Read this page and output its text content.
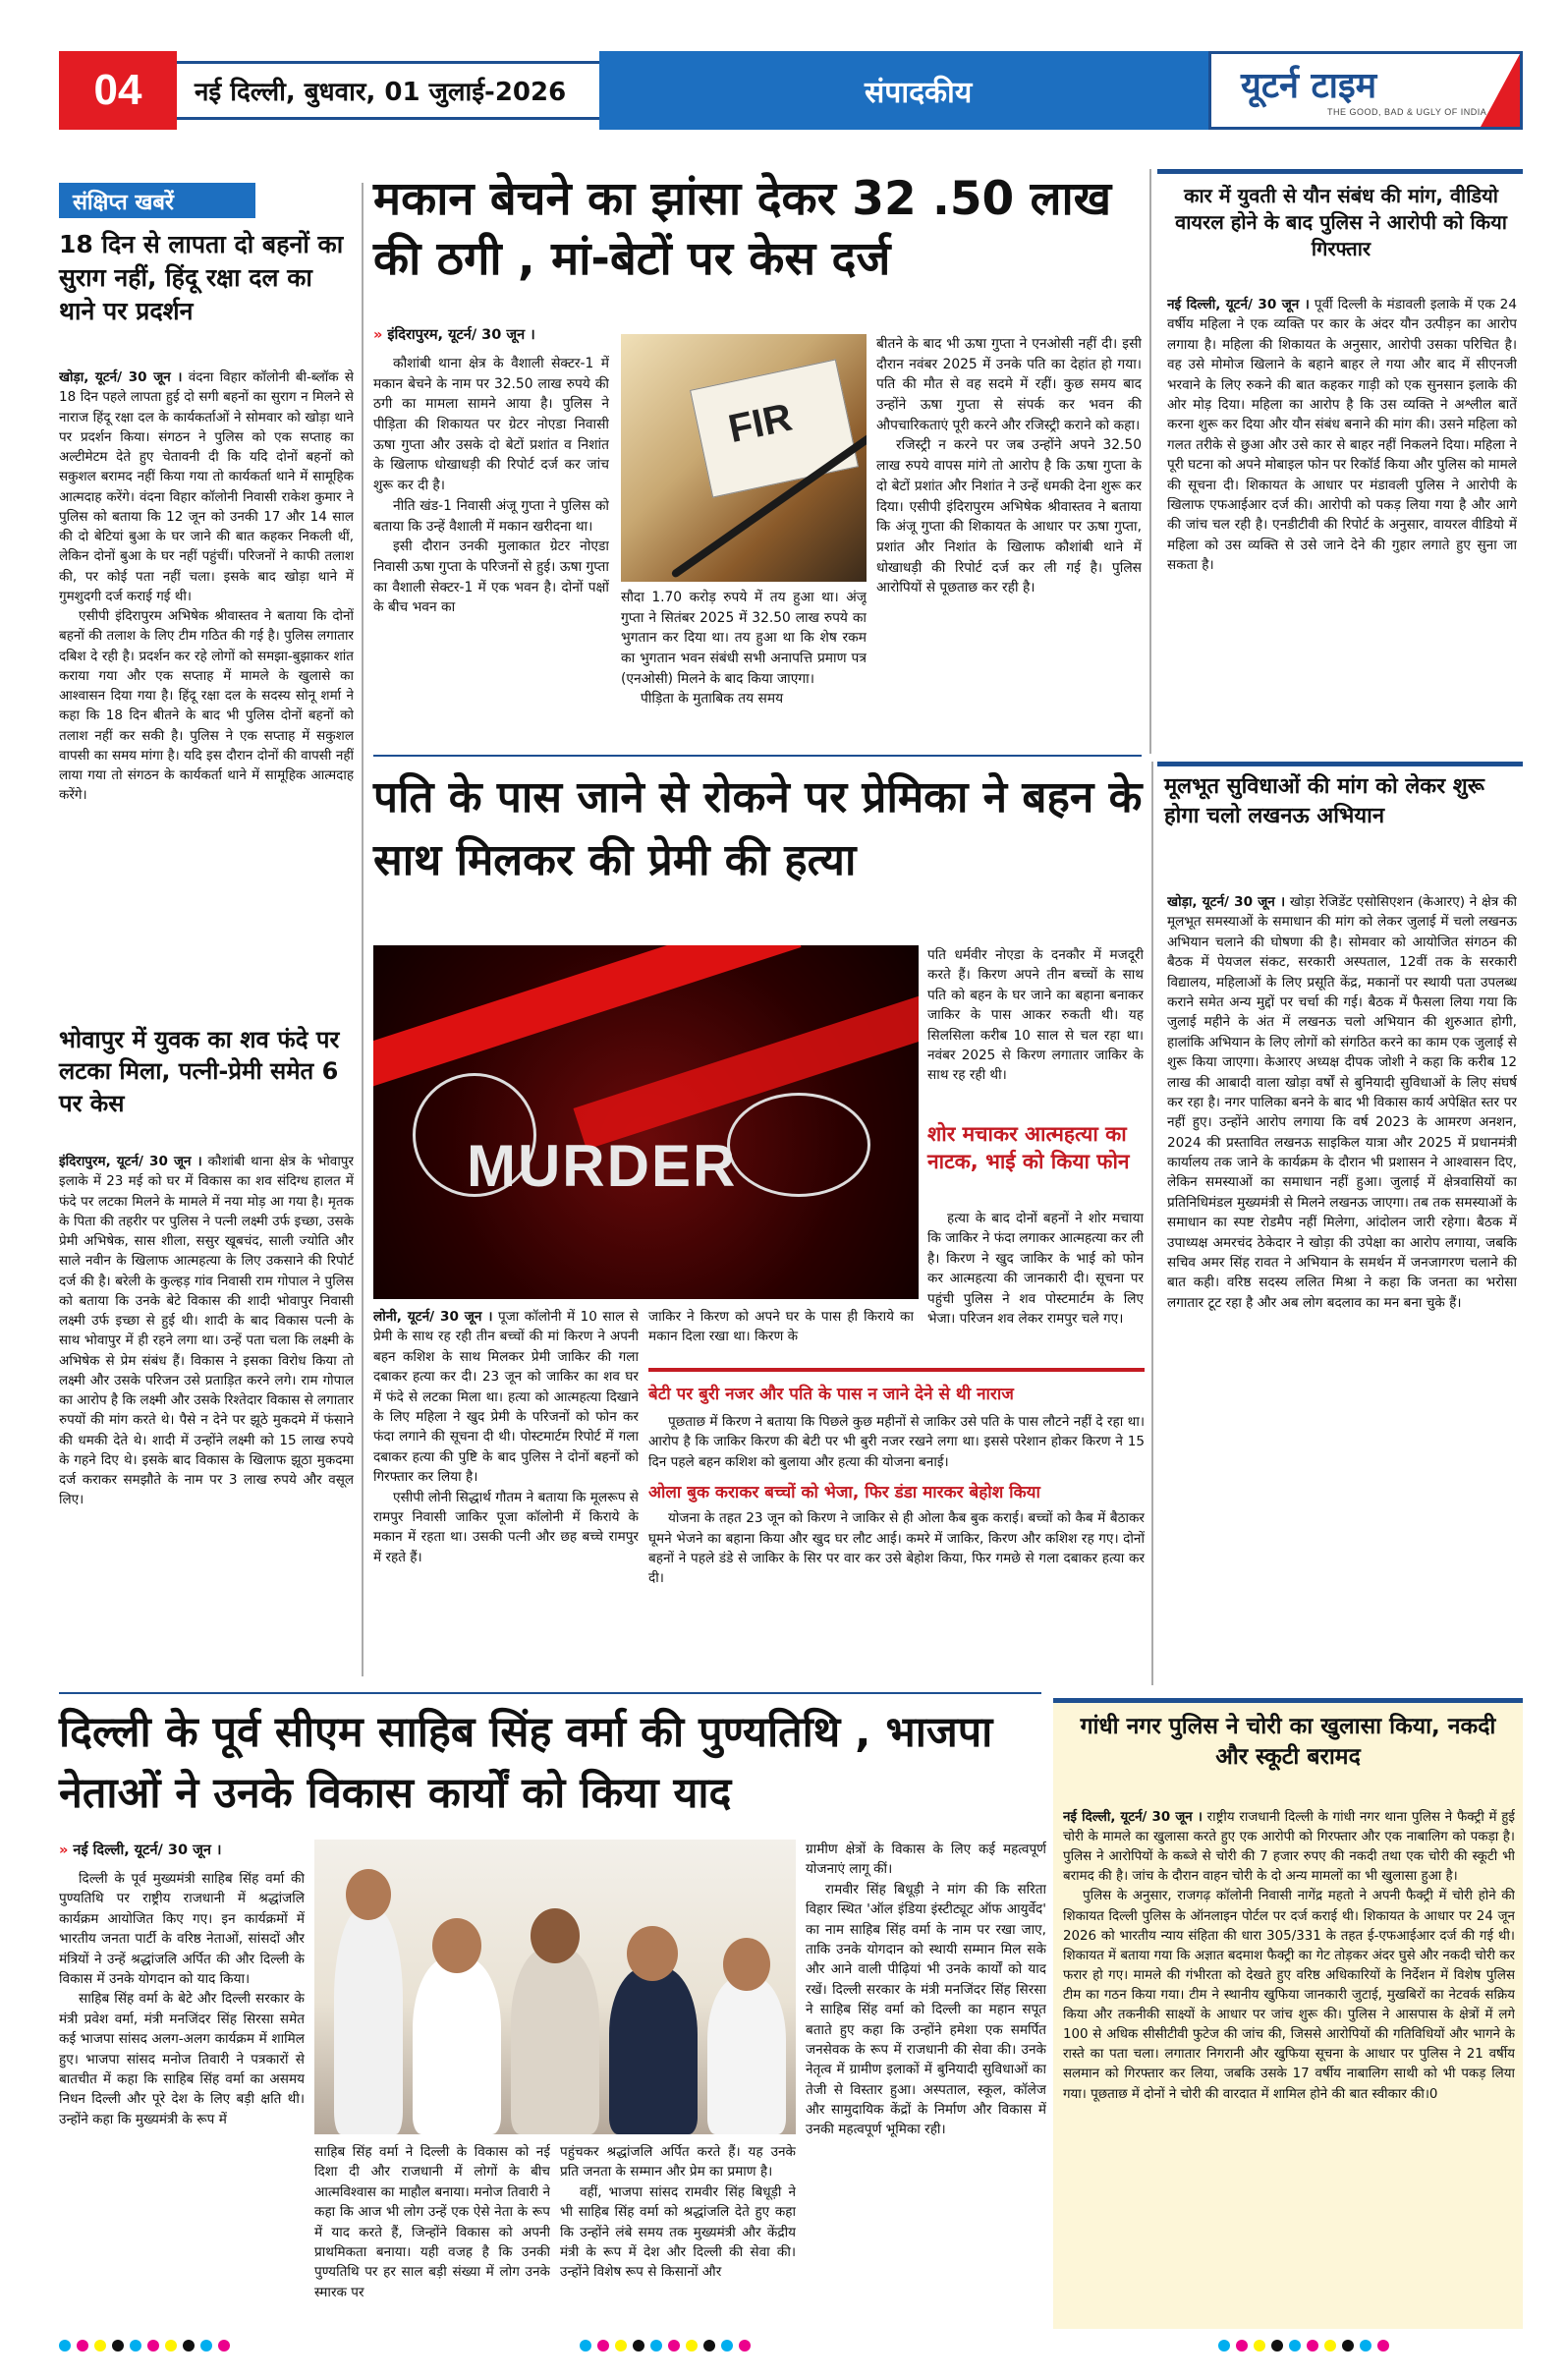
04	नई दिल्ली, बुधवार, 01 जुलाई-2026	संपादकीय	यूटर्न टाइम
THE GOOD, BAD & UGLY OF INDIA
संक्षिप्त खबरें
18 दिन से लापता दो बहनों का सुराग नहीं, हिंदू रक्षा दल का थाने पर प्रदर्शन

खोड़ा, यूटर्न/ 30 जून । वंदना विहार कॉलोनी बी-ब्लॉक से 18 दिन पहले लापता हुई दो सगी बहनों का सुराग न मिलने से नाराज हिंदू रक्षा दल के कार्यकर्ताओं ने सोमवार को खोड़ा थाने पर प्रदर्शन किया। संगठन ने पुलिस को एक सप्ताह का अल्टीमेटम देते हुए चेतावनी दी कि यदि दोनों बहनों को सकुशल बरामद नहीं किया गया तो कार्यकर्ता थाने में सामूहिक आत्मदाह करेंगे। वंदना विहार कॉलोनी निवासी राकेश कुमार ने पुलिस को बताया कि 12 जून को उनकी 17 और 14 साल की दो बेटियां बुआ के घर जाने की बात कहकर निकली थीं, लेकिन दोनों बुआ के घर नहीं पहुंचीं। परिजनों ने काफी तलाश की, पर कोई पता नहीं चला। इसके बाद खोड़ा थाने में गुमशुदगी दर्ज कराई गई थी।

एसीपी इंदिरापुरम अभिषेक श्रीवास्तव ने बताया कि दोनों बहनों की तलाश के लिए टीम गठित की गई है। पुलिस लगातार दबिश दे रही है। प्रदर्शन कर रहे लोगों को समझा-बुझाकर शांत कराया गया और एक सप्ताह में मामले के खुलासे का आश्वासन दिया गया है। हिंदू रक्षा दल के सदस्य सोनू शर्मा ने कहा कि 18 दिन बीतने के बाद भी पुलिस दोनों बहनों को तलाश नहीं कर सकी है। पुलिस ने एक सप्ताह में सकुशल वापसी का समय मांगा है। यदि इस दौरान दोनों की वापसी नहीं लाया गया तो संगठन के कार्यकर्ता थाने में सामूहिक आत्मदाह करेंगे।

भोवापुर में युवक का शव फंदे पर लटका मिला, पत्नी-प्रेमी समेत 6 पर केस

इंदिरापुरम, यूटर्न/ 30 जून । कौशांबी थाना क्षेत्र के भोवापुर इलाके में 23 मई को घर में विकास का शव संदिग्ध हालत में फंदे पर लटका मिलने के मामले में नया मोड़ आ गया है। मृतक के पिता की तहरीर पर पुलिस ने पत्नी लक्ष्मी उर्फ इच्छा, उसके प्रेमी अभिषेक, सास शीला, ससुर खूबचंद, साली ज्योति और साले नवीन के खिलाफ आत्महत्या के लिए उकसाने की रिपोर्ट दर्ज की है। बरेली के कुल्हड़ गांव निवासी राम गोपाल ने पुलिस को बताया कि उनके बेटे विकास की शादी भोवापुर निवासी लक्ष्मी उर्फ इच्छा से हुई थी। शादी के बाद विकास पत्नी के साथ भोवापुर में ही रहने लगा था। उन्हें पता चला कि लक्ष्मी के अभिषेक से प्रेम संबंध हैं। विकास ने इसका विरोध किया तो लक्ष्मी और उसके परिजन उसे प्रताड़ित करने लगे। राम गोपाल का आरोप है कि लक्ष्मी और उसके रिश्तेदार विकास से लगातार रुपयों की मांग करते थे। पैसे न देने पर झूठे मुकदमे में फंसाने की धमकी देते थे। शादी में उन्होंने लक्ष्मी को 15 लाख रुपये के गहने दिए थे। इसके बाद विकास के खिलाफ झूठा मुकदमा दर्ज कराकर समझौते के नाम पर 3 लाख रुपये और वसूल लिए।

मकान बेचने का झांसा देकर 32 .50 लाख की ठगी , मां-बेटों पर केस दर्ज
» इंदिरापुरम, यूटर्न/ 30 जून ।

कौशांबी थाना क्षेत्र के वैशाली सेक्टर-1 में मकान बेचने के नाम पर 32.50 लाख रुपये की ठगी का मामला सामने आया है। पुलिस ने पीड़िता की शिकायत पर ग्रेटर नोएडा निवासी ऊषा गुप्ता और उसके दो बेटों प्रशांत व निशांत के खिलाफ धोखाधड़ी की रिपोर्ट दर्ज कर जांच शुरू कर दी है।

नीति खंड-1 निवासी अंजू गुप्ता ने पुलिस को बताया कि उन्हें वैशाली में मकान खरीदना था।

इसी दौरान उनकी मुलाकात ग्रेटर नोएडा निवासी ऊषा गुप्ता के परिजनों से हुई। ऊषा गुप्ता का वैशाली सेक्टर-1 में एक भवन है। दोनों पक्षों के बीच भवन का

FIR

सौदा 1.70 करोड़ रुपये में तय हुआ था। अंजू गुप्ता ने सितंबर 2025 में 32.50 लाख रुपये का भुगतान कर दिया था। तय हुआ था कि शेष रकम का भुगतान भवन संबंधी सभी अनापत्ति प्रमाण पत्र (एनओसी) मिलने के बाद किया जाएगा।

पीड़िता के मुताबिक तय समय

बीतने के बाद भी ऊषा गुप्ता ने एनओसी नहीं दी। इसी दौरान नवंबर 2025 में उनके पति का देहांत हो गया। पति की मौत से वह सदमे में रहीं। कुछ समय बाद उन्होंने ऊषा गुप्ता से संपर्क कर भवन की औपचारिकताएं पूरी करने और रजिस्ट्री कराने को कहा।

रजिस्ट्री न करने पर जब उन्होंने अपने 32.50 लाख रुपये वापस मांगे तो आरोप है कि ऊषा गुप्ता के दो बेटों प्रशांत और निशांत ने उन्हें धमकी देना शुरू कर दिया। एसीपी इंदिरापुरम अभिषेक श्रीवास्तव ने बताया कि अंजू गुप्ता की शिकायत के आधार पर ऊषा गुप्ता, प्रशांत और निशांत के खिलाफ कौशांबी थाने में धोखाधड़ी की रिपोर्ट दर्ज कर ली गई है। पुलिस आरोपियों से पूछताछ कर रही है।

कार में युवती से यौन संबंध की मांग, वीडियो वायरल होने के बाद पुलिस ने आरोपी को किया गिरफ्तार

नई दिल्ली, यूटर्न/ 30 जून । पूर्वी दिल्ली के मंडावली इलाके में एक 24 वर्षीय महिला ने एक व्यक्ति पर कार के अंदर यौन उत्पीड़न का आरोप लगाया है। महिला की शिकायत के अनुसार, आरोपी उसका परिचित है। वह उसे मोमोज खिलाने के बहाने बाहर ले गया और बाद में सीएनजी भरवाने के लिए रुकने की बात कहकर गाड़ी को एक सुनसान इलाके की ओर मोड़ दिया। महिला का आरोप है कि उस व्यक्ति ने अश्लील बातें करना शुरू कर दिया और यौन संबंध बनाने की मांग की। उसने महिला को गलत तरीके से छुआ और उसे कार से बाहर नहीं निकलने दिया। महिला ने पूरी घटना को अपने मोबाइल फोन पर रिकॉर्ड किया और पुलिस को मामले की सूचना दी। शिकायत के आधार पर मंडावली पुलिस ने आरोपी के खिलाफ एफआईआर दर्ज की। आरोपी को पकड़ लिया गया है और आगे की जांच चल रही है। एनडीटीवी की रिपोर्ट के अनुसार, वायरल वीडियो में महिला को उस व्यक्ति से उसे जाने देने की गुहार लगाते हुए सुना जा सकता है।

पति के पास जाने से रोकने पर प्रेमिका ने बहन के साथ मिलकर की प्रेमी की हत्या
MURDER

पति धर्मवीर नोएडा के दनकौर में मजदूरी करते हैं। किरण अपने तीन बच्चों के साथ पति को बहन के घर जाने का बहाना बनाकर जाकिर के पास आकर रुकती थी। यह सिलसिला करीब 10 साल से चल रहा था। नवंबर 2025 से किरण लगातार जाकिर के साथ रह रही थी।

शोर मचाकर आत्महत्या का नाटक, भाई को किया फोन

हत्या के बाद दोनों बहनों ने शोर मचाया कि जाकिर ने फंदा लगाकर आत्महत्या कर ली है। किरण ने खुद जाकिर के भाई को फोन कर आत्महत्या की जानकारी दी। सूचना पर पहुंची पुलिस ने शव पोस्टमार्टम के लिए भेजा। परिजन शव लेकर रामपुर चले गए।

लोनी, यूटर्न/ 30 जून । पूजा कॉलोनी में 10 साल से प्रेमी के साथ रह रही तीन बच्चों की मां किरण ने अपनी बहन कशिश के साथ मिलकर प्रेमी जाकिर की गला दबाकर हत्या कर दी। 23 जून को जाकिर का शव घर में फंदे से लटका मिला था। हत्या को आत्महत्या दिखाने के लिए महिला ने खुद प्रेमी के परिजनों को फोन कर फंदा लगाने की सूचना दी थी। पोस्टमार्टम रिपोर्ट में गला दबाकर हत्या की पुष्टि के बाद पुलिस ने दोनों बहनों को गिरफ्तार कर लिया है।

एसीपी लोनी सिद्धार्थ गौतम ने बताया कि मूलरूप से रामपुर निवासी जाकिर पूजा कॉलोनी में किराये के मकान में रहता था। उसकी पत्नी और छह बच्चे रामपुर में रहते हैं।

जाकिर ने किरण को अपने घर के पास ही किराये का मकान दिला रखा था। किरण के

बेटी पर बुरी नजर और पति के पास न जाने देने से थी नाराज

पूछताछ में किरण ने बताया कि पिछले कुछ महीनों से जाकिर उसे पति के पास लौटने नहीं दे रहा था। आरोप है कि जाकिर किरण की बेटी पर भी बुरी नजर रखने लगा था। इससे परेशान होकर किरण ने 15 दिन पहले बहन कशिश को बुलाया और हत्या की योजना बनाई।

ओला बुक कराकर बच्चों को भेजा, फिर डंडा मारकर बेहोश किया

योजना के तहत 23 जून को किरण ने जाकिर से ही ओला कैब बुक कराई। बच्चों को कैब में बैठाकर घूमने भेजने का बहाना किया और खुद घर लौट आई। कमरे में जाकिर, किरण और कशिश रह गए। दोनों बहनों ने पहले डंडे से जाकिर के सिर पर वार कर उसे बेहोश किया, फिर गमछे से गला दबाकर हत्या कर दी।

मूलभूत सुविधाओं की मांग को लेकर शुरू होगा चलो लखनऊ अभियान

खोड़ा, यूटर्न/ 30 जून । खोड़ा रेजिडेंट एसोसिएशन (केआरए) ने क्षेत्र की मूलभूत समस्याओं के समाधान की मांग को लेकर जुलाई में चलो लखनऊ अभियान चलाने की घोषणा की है। सोमवार को आयोजित संगठन की बैठक में पेयजल संकट, सरकारी अस्पताल, 12वीं तक के सरकारी विद्यालय, महिलाओं के लिए प्रसूति केंद्र, मकानों पर स्थायी पता उपलब्ध कराने समेत अन्य मुद्दों पर चर्चा की गई। बैठक में फैसला लिया गया कि जुलाई महीने के अंत में लखनऊ चलो अभियान की शुरुआत होगी, हालांकि अभियान के लिए लोगों को संगठित करने का काम एक जुलाई से शुरू किया जाएगा। केआरए अध्यक्ष दीपक जोशी ने कहा कि करीब 12 लाख की आबादी वाला खोड़ा वर्षों से बुनियादी सुविधाओं के लिए संघर्ष कर रहा है। नगर पालिका बनने के बाद भी विकास कार्य अपेक्षित स्तर पर नहीं हुए। उन्होंने आरोप लगाया कि वर्ष 2023 के आमरण अनशन, 2024 की प्रस्तावित लखनऊ साइकिल यात्रा और 2025 में प्रधानमंत्री कार्यालय तक जाने के कार्यक्रम के दौरान भी प्रशासन ने आश्वासन दिए, लेकिन समस्याओं का समाधान नहीं हुआ। जुलाई में क्षेत्रवासियों का प्रतिनिधिमंडल मुख्यमंत्री से मिलने लखनऊ जाएगा। तब तक समस्याओं के समाधान का स्पष्ट रोडमैप नहीं मिलेगा, आंदोलन जारी रहेगा। बैठक में उपाध्यक्ष अमरचंद ठेकेदार ने खोड़ा की उपेक्षा का आरोप लगाया, जबकि सचिव अमर सिंह रावत ने अभियान के समर्थन में जनजागरण चलाने की बात कही। वरिष्ठ सदस्य ललित मिश्रा ने कहा कि जनता का भरोसा लगातार टूट रहा है और अब लोग बदलाव का मन बना चुके हैं।

दिल्ली के पूर्व सीएम साहिब सिंह वर्मा की पुण्यतिथि , भाजपा नेताओं ने उनके विकास कार्यों को किया याद
» नई दिल्ली, यूटर्न/ 30 जून ।

दिल्ली के पूर्व मुख्यमंत्री साहिब सिंह वर्मा की पुण्यतिथि पर राष्ट्रीय राजधानी में श्रद्धांजलि कार्यक्रम आयोजित किए गए। इन कार्यक्रमों में भारतीय जनता पार्टी के वरिष्ठ नेताओं, सांसदों और मंत्रियों ने उन्हें श्रद्धांजलि अर्पित की और दिल्ली के विकास में उनके योगदान को याद किया।

साहिब सिंह वर्मा के बेटे और दिल्ली सरकार के मंत्री प्रवेश वर्मा, मंत्री मनजिंदर सिंह सिरसा समेत कई भाजपा सांसद अलग-अलग कार्यक्रम में शामिल हुए। भाजपा सांसद मनोज तिवारी ने पत्रकारों से बातचीत में कहा कि साहिब सिंह वर्मा का असमय निधन दिल्ली और पूरे देश के लिए बड़ी क्षति थी। उन्होंने कहा कि मुख्यमंत्री के रूप में

साहिब सिंह वर्मा ने दिल्ली के विकास को नई दिशा दी और राजधानी में लोगों के बीच आत्मविश्वास का माहौल बनाया। मनोज तिवारी ने कहा कि आज भी लोग उन्हें एक ऐसे नेता के रूप में याद करते हैं, जिन्होंने विकास को अपनी प्राथमिकता बनाया। यही वजह है कि उनकी पुण्यतिथि पर हर साल बड़ी संख्या में लोग उनके स्मारक पर

पहुंचकर श्रद्धांजलि अर्पित करते हैं। यह उनके प्रति जनता के सम्मान और प्रेम का प्रमाण है।

वहीं, भाजपा सांसद रामवीर सिंह बिधूड़ी ने भी साहिब सिंह वर्मा को श्रद्धांजलि देते हुए कहा कि उन्होंने लंबे समय तक मुख्यमंत्री और केंद्रीय मंत्री के रूप में देश और दिल्ली की सेवा की। उन्होंने विशेष रूप से किसानों और

ग्रामीण क्षेत्रों के विकास के लिए कई महत्वपूर्ण योजनाएं लागू कीं।

रामवीर सिंह बिधूड़ी ने मांग की कि सरिता विहार स्थित 'ऑल इंडिया इंस्टीट्यूट ऑफ आयुर्वेद' का नाम साहिब सिंह वर्मा के नाम पर रखा जाए, ताकि उनके योगदान को स्थायी सम्मान मिल सके और आने वाली पीढ़ियां भी उनके कार्यों को याद रखें। दिल्ली सरकार के मंत्री मनजिंदर सिंह सिरसा ने साहिब सिंह वर्मा को दिल्ली का महान सपूत बताते हुए कहा कि उन्होंने हमेशा एक समर्पित जनसेवक के रूप में राजधानी की सेवा की। उनके नेतृत्व में ग्रामीण इलाकों में बुनियादी सुविधाओं का तेजी से विस्तार हुआ। अस्पताल, स्कूल, कॉलेज और सामुदायिक केंद्रों के निर्माण और विकास में उनकी महत्वपूर्ण भूमिका रही।

गांधी नगर पुलिस ने चोरी का खुलासा किया, नकदी और स्कूटी बरामद

नई दिल्ली, यूटर्न/ 30 जून । राष्ट्रीय राजधानी दिल्ली के गांधी नगर थाना पुलिस ने फैक्ट्री में हुई चोरी के मामले का खुलासा करते हुए एक आरोपी को गिरफ्तार और एक नाबालिग को पकड़ा है। पुलिस ने आरोपियों के कब्जे से चोरी की 7 हजार रुपए की नकदी तथा एक चोरी की स्कूटी भी बरामद की है। जांच के दौरान वाहन चोरी के दो अन्य मामलों का भी खुलासा हुआ है।

पुलिस के अनुसार, राजगढ़ कॉलोनी निवासी नागेंद्र महतो ने अपनी फैक्ट्री में चोरी होने की शिकायत दिल्ली पुलिस के ऑनलाइन पोर्टल पर दर्ज कराई थी। शिकायत के आधार पर 24 जून 2026 को भारतीय न्याय संहिता की धारा 305/331 के तहत ई-एफआईआर दर्ज की गई थी। शिकायत में बताया गया कि अज्ञात बदमाश फैक्ट्री का गेट तोड़कर अंदर घुसे और नकदी चोरी कर फरार हो गए। मामले की गंभीरता को देखते हुए वरिष्ठ अधिकारियों के निर्देशन में विशेष पुलिस टीम का गठन किया गया। टीम ने स्थानीय खुफिया जानकारी जुटाई, मुखबिरों का नेटवर्क सक्रिय किया और तकनीकी साक्ष्यों के आधार पर जांच शुरू की। पुलिस ने आसपास के क्षेत्रों में लगे 100 से अधिक सीसीटीवी फुटेज की जांच की, जिससे आरोपियों की गतिविधियों और भागने के रास्ते का पता चला। लगातार निगरानी और खुफिया सूचना के आधार पर पुलिस ने 21 वर्षीय सलमान को गिरफ्तार कर लिया, जबकि उसके 17 वर्षीय नाबालिग साथी को भी पकड़ लिया गया। पूछताछ में दोनों ने चोरी की वारदात में शामिल होने की बात स्वीकार की।0
